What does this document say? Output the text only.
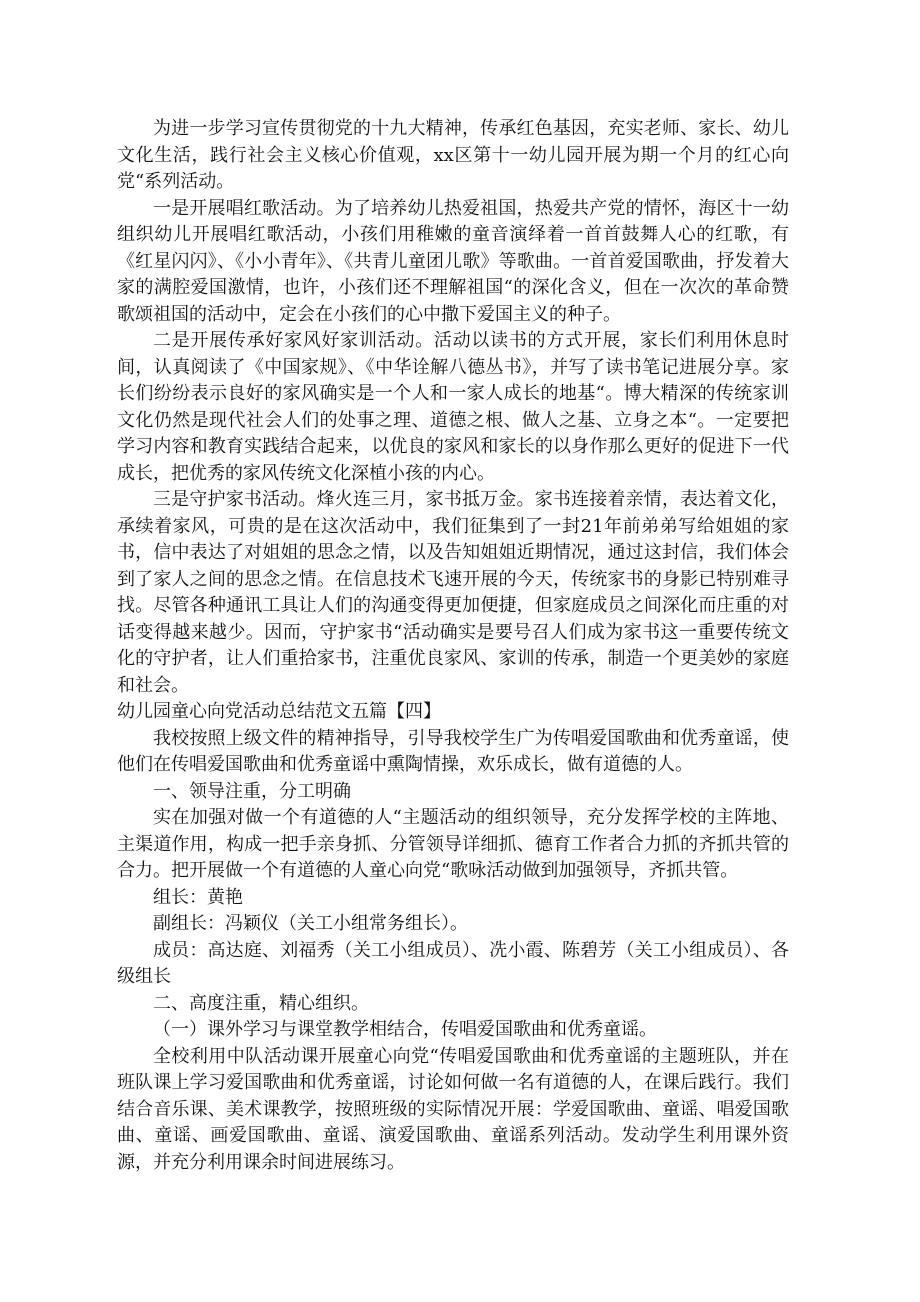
为进一步学习宣传贯彻党的十九大精神，传承红色基因，充实老师、家长、幼儿文化生活，践行社会主义核心价值观，xx区第十一幼儿园开展为期一个月的红心向党“系列活动。

一是开展唱红歌活动。为了培养幼儿热爱祖国，热爱共产党的情怀，海区十一幼组织幼儿开展唱红歌活动，小孩们用稚嫩的童音演绎着一首首鼓舞人心的红歌，有《红星闪闪》、《小小青年》、《共青儿童团儿歌》等歌曲。一首首爱国歌曲，抒发着大家的满腔爱国激情，也许，小孩们还不理解祖国“的深化含义，但在一次次的革命赞歌颂祖国的活动中，定会在小孩们的心中撒下爱国主义的种子。

二是开展传承好家风好家训活动。活动以读书的方式开展，家长们利用休息时间，认真阅读了《中国家规》、《中华诠解八德丛书》，并写了读书笔记进展分享。家长们纷纷表示良好的家风确实是一个人和一家人成长的地基“。博大精深的传统家训文化仍然是现代社会人们的处事之理、道德之根、做人之基、立身之本“。一定要把学习内容和教育实践结合起来，以优良的家风和家长的以身作那么更好的促进下一代成长，把优秀的家风传统文化深植小孩的内心。

三是守护家书活动。烽火连三月，家书抵万金。家书连接着亲情，表达着文化，承续着家风，可贵的是在这次活动中，我们征集到了一封21年前弟弟写给姐姐的家书，信中表达了对姐姐的思念之情，以及告知姐姐近期情况，通过这封信，我们体会到了家人之间的思念之情。在信息技术飞速开展的今天，传统家书的身影已特别难寻找。尽管各种通讯工具让人们的沟通变得更加便捷，但家庭成员之间深化而庄重的对话变得越来越少。因而，守护家书“活动确实是要号召人们成为家书这一重要传统文化的守护者，让人们重拾家书，注重优良家风、家训的传承，制造一个更美妙的家庭和社会。

幼儿园童心向党活动总结范文五篇【四】

我校按照上级文件的精神指导，引导我校学生广为传唱爱国歌曲和优秀童谣，使他们在传唱爱国歌曲和优秀童谣中熏陶情操，欢乐成长，做有道德的人。

一、领导注重，分工明确

实在加强对做一个有道德的人“主题活动的组织领导，充分发挥学校的主阵地、主渠道作用，构成一把手亲身抓、分管领导详细抓、德育工作者合力抓的齐抓共管的合力。把开展做一个有道德的人童心向党“歌咏活动做到加强领导，齐抓共管。

组长：黄艳

副组长：冯颖仪（关工小组常务组长）。

成员：高达庭、刘福秀（关工小组成员）、冼小霞、陈碧芳（关工小组成员）、各级组长

二、高度注重，精心组织。

（一）课外学习与课堂教学相结合，传唱爱国歌曲和优秀童谣。

全校利用中队活动课开展童心向党“传唱爱国歌曲和优秀童谣的主题班队，并在班队课上学习爱国歌曲和优秀童谣，讨论如何做一名有道德的人，在课后践行。我们结合音乐课、美术课教学，按照班级的实际情况开展：学爱国歌曲、童谣、唱爱国歌曲、童谣、画爱国歌曲、童谣、演爱国歌曲、童谣系列活动。发动学生利用课外资源，并充分利用课余时间进展练习。
